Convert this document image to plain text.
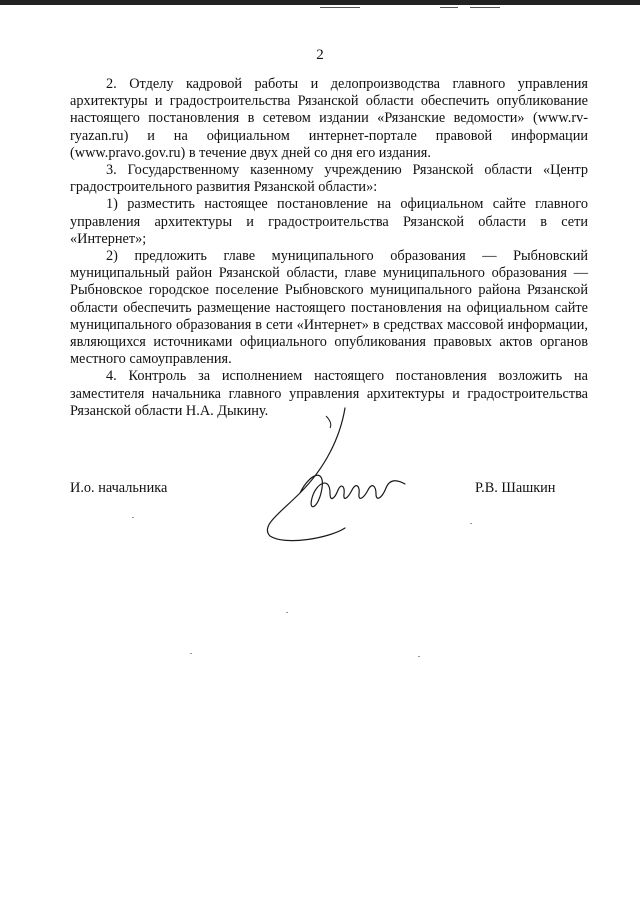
2

2. Отделу кадровой работы и делопроизводства главного управления архитектуры и градостроительства Рязанской области обеспечить опубликование настоящего постановления в сетевом издании «Рязанские ведомости» (www.rv-ryazan.ru) и на официальном интернет-портале правовой информации (www.pravo.gov.ru) в течение двух дней со дня его издания.

3. Государственному казенному учреждению Рязанской области «Центр градостроительного развития Рязанской области»:

1) разместить настоящее постановление на официальном сайте главного управления архитектуры и градостроительства Рязанской области в сети «Интернет»;

2) предложить главе муниципального образования — Рыбновский муниципальный район Рязанской области, главе муниципального образования — Рыбновское городское поселение Рыбновского муниципального района Рязанской области обеспечить размещение настоящего постановления на официальном сайте муниципального образования в сети «Интернет» в средствах массовой информации, являющихся источниками официального опубликования правовых актов органов местного самоуправления.

4. Контроль за исполнением настоящего постановления возложить на заместителя начальника главного управления архитектуры и градостроительства Рязанской области Н.А. Дыкину.

И.о. начальника	Р.В. Шашкин
